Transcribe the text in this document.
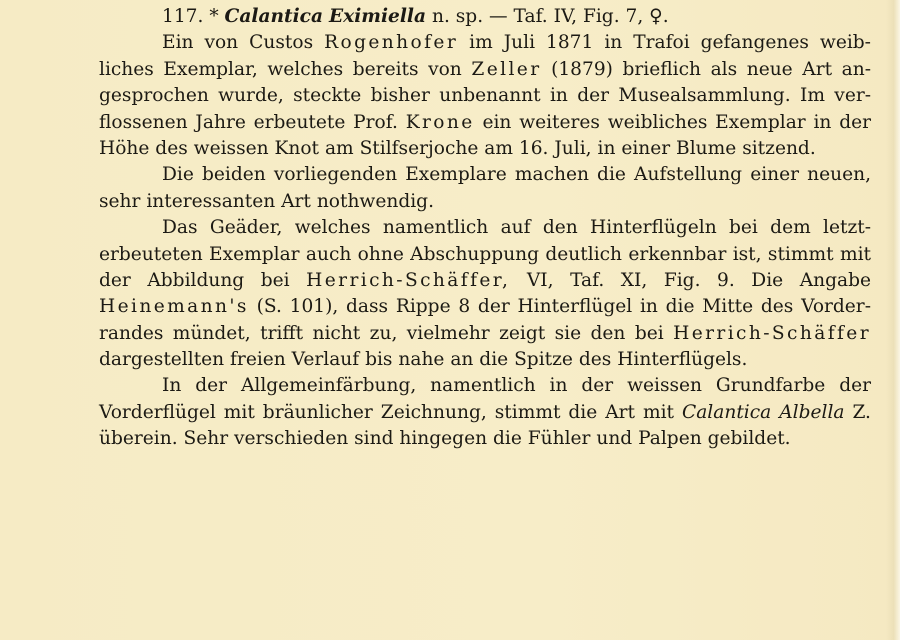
117. * Calantica Eximiella n. sp. — Taf. IV, Fig. 7, ♀.
Ein von Custos Rogenhofer im Juli 1871 in Trafoi gefangenes weib-
liches Exemplar, welches bereits von Zeller (1879) brieflich als neue Art an-
gesprochen wurde, steckte bisher unbenannt in der Musealsammlung. Im ver-
flossenen Jahre erbeutete Prof. Krone ein weiteres weibliches Exemplar in der
Höhe des weissen Knot am Stilfserjoche am 16. Juli, in einer Blume sitzend.
Die beiden vorliegenden Exemplare machen die Aufstellung einer neuen,
sehr interessanten Art nothwendig.
Das Geäder, welches namentlich auf den Hinterflügeln bei dem letzt-
erbeuteten Exemplar auch ohne Abschuppung deutlich erkennbar ist, stimmt mit
der Abbildung bei Herrich-Schäffer, VI, Taf. XI, Fig. 9. Die Angabe
Heinemann's (S. 101), dass Rippe 8 der Hinterflügel in die Mitte des Vorder-
randes mündet, trifft nicht zu, vielmehr zeigt sie den bei Herrich-Schäffer
dargestellten freien Verlauf bis nahe an die Spitze des Hinterflügels.
In der Allgemeinfärbung, namentlich in der weissen Grundfarbe der
Vorderflügel mit bräunlicher Zeichnung, stimmt die Art mit Calantica Albella Z.
überein. Sehr verschieden sind hingegen die Fühler und Palpen gebildet.
